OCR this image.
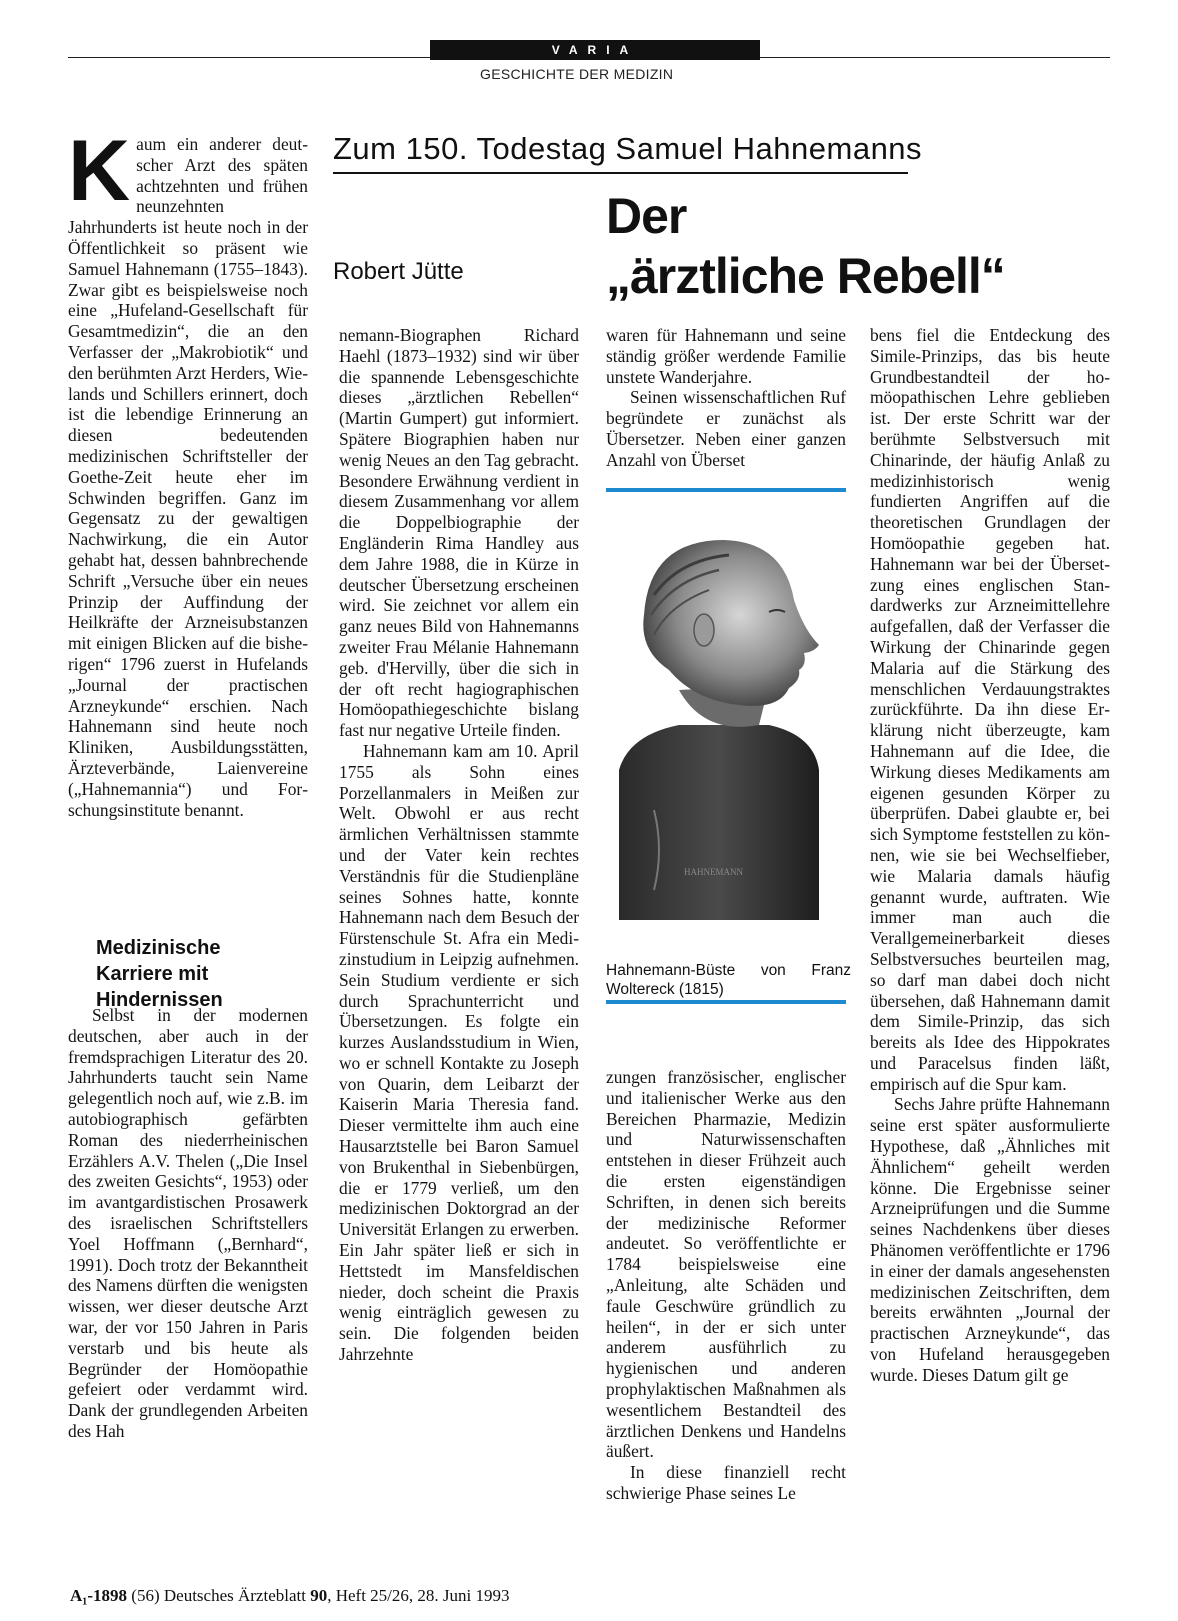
VARIA
GESCHICHTE DER MEDIZIN
Zum 150. Todestag Samuel Hahnemanns
Robert Jütte
Der
„ärztliche Rebell“

Kaum ein anderer deutscher Arzt des späten achtzehnten und frühen neunzehnten Jahrhunderts ist heute noch in der Öffentlichkeit so präsent wie Samuel Hahnemann (1755–1843). Zwar gibt es beispielsweise noch eine „Hufeland-Gesellschaft für Gesamtmedizin“, die an den Verfasser der „Makrobiotik“ und den berühmten Arzt Herders, Wielands und Schillers erinnert, doch ist die lebendige Erinnerung an diesen bedeutenden medizinischen Schriftsteller der Goethe-Zeit heute eher im Schwinden begriffen. Ganz im Gegensatz zu der gewaltigen Nachwirkung, die ein Autor gehabt hat, dessen bahnbrechende Schrift „Versuche über ein neues Prinzip der Auffindung der Heilkräfte der Arzneisubstanzen mit einigen Blicken auf die bisherigen“ 1796 zuerst in Hufelands „Journal der practischen Arzneykunde“ erschien. Nach Hahnemann sind heute noch Kliniken, Ausbildungsstätten, Ärzteverbände, Laienvereine („Hahnemannia“) und Forschungsinstitute benannt.

Medizinische Karriere mit Hindernissen

Selbst in der modernen deutschen, aber auch in der fremdsprachigen Literatur des 20. Jahrhunderts taucht sein Name gelegentlich noch auf, wie z.B. im autobiographisch gefärbten Roman des niederrheinischen Erzählers A.V. Thelen („Die Insel des zweiten Gesichts“, 1953) oder im avantgardistischen Prosawerk des israelischen Schriftstellers Yoel Hoffmann („Bernhard“, 1991). Doch trotz der Bekanntheit des Namens dürften die wenigsten wissen, wer dieser deutsche Arzt war, der vor 150 Jahren in Paris verstarb und bis heute als Begründer der Homöopathie gefeiert oder verdammt wird. Dank der grundlegenden Arbeiten des Hah

nemann-Biographen Richard Haehl (1873–1932) sind wir über die spannende Lebensgeschichte dieses „ärztlichen Rebellen“ (Martin Gumpert) gut informiert. Spätere Biographien haben nur wenig Neues an den Tag gebracht. Besondere Erwähnung verdient in diesem Zusammenhang vor allem die Doppelbiographie der Engländerin Rima Handley aus dem Jahre 1988, die in Kürze in deutscher Übersetzung erscheinen wird. Sie zeichnet vor allem ein ganz neues Bild von Hahnemanns zweiter Frau Mélanie Hahnemann geb. d'Hervilly, über die sich in der oft recht hagiographischen Homöopathiegeschichte bislang fast nur negative Urteile finden.

Hahnemann kam am 10. April 1755 als Sohn eines Porzellanmalers in Meißen zur Welt. Obwohl er aus recht ärmlichen Verhältnissen stammte und der Vater kein rechtes Verständnis für die Studienpläne seines Sohnes hatte, konnte Hahnemann nach dem Besuch der Fürstenschule St. Afra ein Medizinstudium in Leipzig aufnehmen. Sein Studium verdiente er sich durch Sprachunterricht und Übersetzungen. Es folgte ein kurzes Auslandsstudium in Wien, wo er schnell Kontakte zu Joseph von Quarin, dem Leibarzt der Kaiserin Maria Theresia fand. Dieser vermittelte ihm auch eine Hausarztstelle bei Baron Samuel von Brukenthal in Siebenbürgen, die er 1779 verließ, um den medizinischen Doktorgrad an der Universität Erlangen zu erwerben. Ein Jahr später ließ er sich in Hettstedt im Mansfeldischen nieder, doch scheint die Praxis wenig einträglich gewesen zu sein. Die folgenden beiden Jahrzehnte

waren für Hahnemann und seine ständig größer werdende Familie unstete Wanderjahre.

Seinen wissenschaftlichen Ruf begründete er zunächst als Übersetzer. Neben einer ganzen Anzahl von Überset

HAHNEMANN
Hahnemann-Büste von Franz Woltereck (1815)

zungen französischer, englischer und italienischer Werke aus den Bereichen Pharmazie, Medizin und Naturwissenschaften entstehen in dieser Frühzeit auch die ersten eigenständigen Schriften, in denen sich bereits der medizinische Reformer andeutet. So veröffentlichte er 1784 beispielsweise eine „Anleitung, alte Schäden und faule Geschwüre gründlich zu heilen“, in der er sich unter anderem ausführlich zu hygienischen und anderen prophylaktischen Maßnahmen als wesentlichem Bestandteil des ärztlichen Denkens und Handelns äußert.

In diese finanziell recht schwierige Phase seines Le

bens fiel die Entdeckung des Simile-Prinzips, das bis heute Grundbestandteil der homöopathischen Lehre geblieben ist. Der erste Schritt war der berühmte Selbstversuch mit Chinarinde, der häufig Anlaß zu medizinhistorisch wenig fundierten Angriffen auf die theoretischen Grundlagen der Homöopathie gegeben hat. Hahnemann war bei der Übersetzung eines englischen Standardwerks zur Arzneimittellehre aufgefallen, daß der Verfasser die Wirkung der Chinarinde gegen Malaria auf die Stärkung des menschlichen Verdauungstraktes zurückführte. Da ihn diese Erklärung nicht überzeugte, kam Hahnemann auf die Idee, die Wirkung dieses Medikaments am eigenen gesunden Körper zu überprüfen. Dabei glaubte er, bei sich Symptome feststellen zu können, wie sie bei Wechselfieber, wie Malaria damals häufig genannt wurde, auftraten. Wie immer man auch die Verallgemeinerbarkeit dieses Selbstversuches beurteilen mag, so darf man dabei doch nicht übersehen, daß Hahnemann damit dem Simile-Prinzip, das sich bereits als Idee des Hippokrates und Paracelsus finden läßt, empirisch auf die Spur kam.

Sechs Jahre prüfte Hahnemann seine erst später ausformulierte Hypothese, daß „Ähnliches mit Ähnlichem“ geheilt werden könne. Die Ergebnisse seiner Arzneiprüfungen und die Summe seines Nachdenkens über dieses Phänomen veröffentlichte er 1796 in einer der damals angesehensten medizinischen Zeitschriften, dem bereits erwähnten „Journal der practischen Arzneykunde“, das von Hufeland herausgegeben wurde. Dieses Datum gilt ge

A₁-1898 (56) Deutsches Ärzteblatt 90, Heft 25/26, 28. Juni 1993
